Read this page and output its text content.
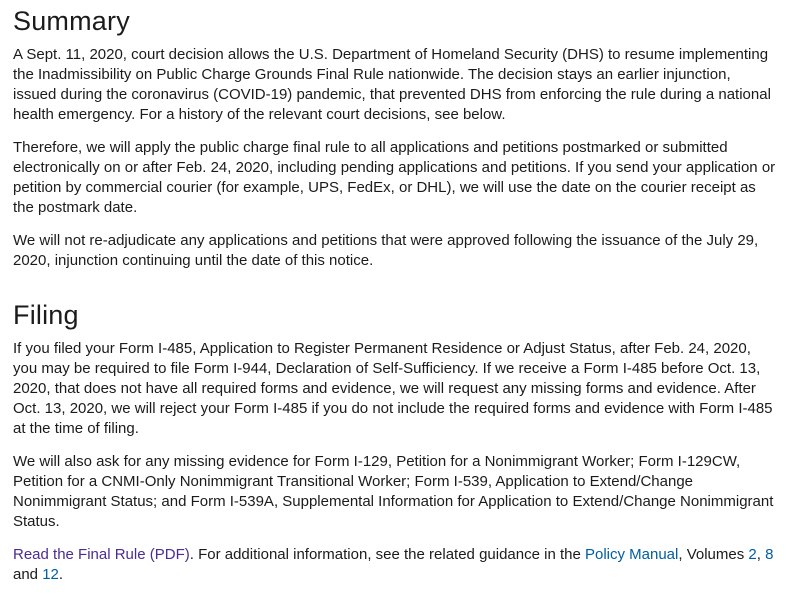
Summary

A Sept. 11, 2020, court decision allows the U.S. Department of Homeland Security (DHS) to resume implementing the Inadmissibility on Public Charge Grounds Final Rule nationwide. The decision stays an earlier injunction, issued during the coronavirus (COVID-19) pandemic, that prevented DHS from enforcing the rule during a national health emergency. For a history of the relevant court decisions, see below.

Therefore, we will apply the public charge final rule to all applications and petitions postmarked or submitted electronically on or after Feb. 24, 2020, including pending applications and petitions. If you send your application or petition by commercial courier (for example, UPS, FedEx, or DHL), we will use the date on the courier receipt as the postmark date.

We will not re-adjudicate any applications and petitions that were approved following the issuance of the July 29, 2020, injunction continuing until the date of this notice.

Filing

If you filed your Form I-485, Application to Register Permanent Residence or Adjust Status, after Feb. 24, 2020, you may be required to file Form I-944, Declaration of Self-Sufficiency. If we receive a Form I-485 before Oct. 13, 2020, that does not have all required forms and evidence, we will request any missing forms and evidence. After Oct. 13, 2020, we will reject your Form I-485 if you do not include the required forms and evidence with Form I-485 at the time of filing.

We will also ask for any missing evidence for Form I-129, Petition for a Nonimmigrant Worker; Form I-129CW, Petition for a CNMI-Only Nonimmigrant Transitional Worker; Form I-539, Application to Extend/Change Nonimmigrant Status; and Form I-539A, Supplemental Information for Application to Extend/Change Nonimmigrant Status.

Read the Final Rule (PDF). For additional information, see the related guidance in the Policy Manual, Volumes 2, 8 and 12.
